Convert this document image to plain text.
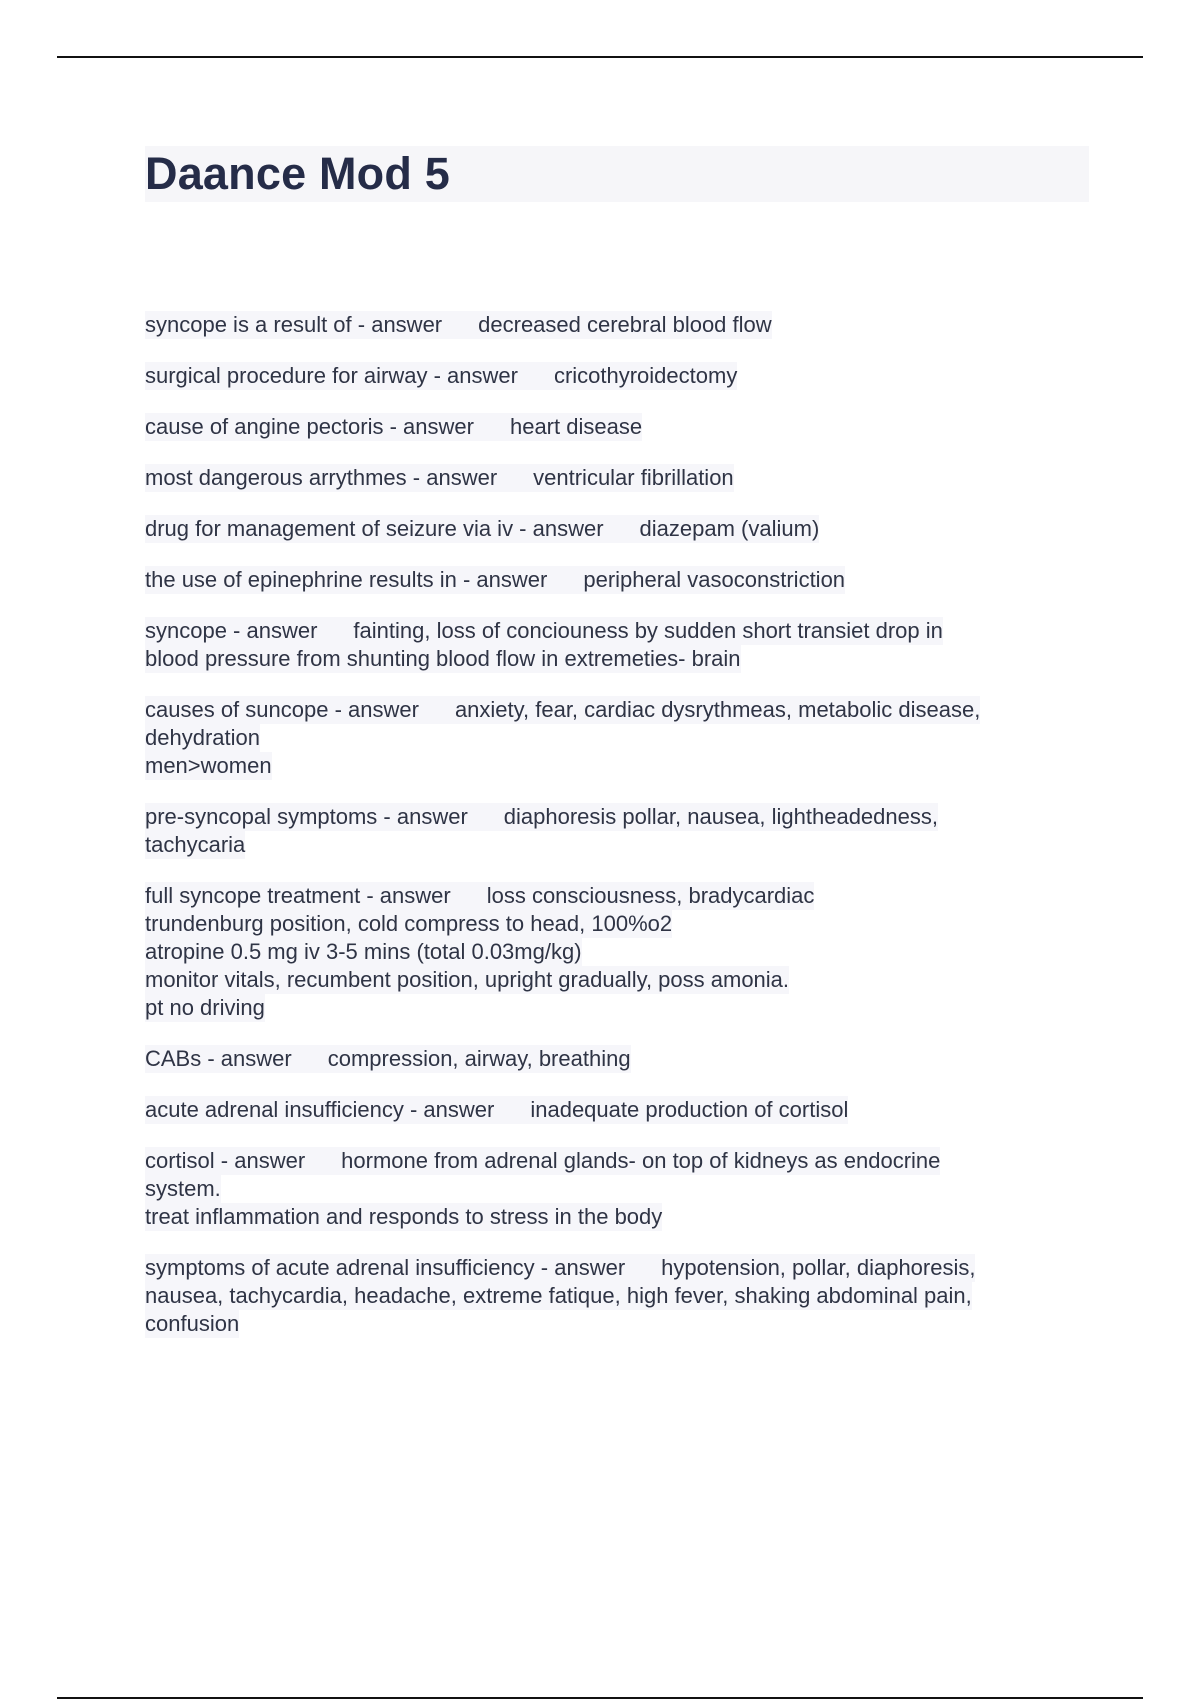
Daance Mod 5
syncope is a result of - answer decreased cerebral blood flow
surgical procedure for airway - answer cricothyroidectomy
cause of angine pectoris - answer heart disease
most dangerous arrythmes - answer ventricular fibrillation
drug for management of seizure via iv - answer diazepam (valium)
the use of epinephrine results in - answer peripheral vasoconstriction
syncope - answer fainting, loss of conciouness by sudden short transiet drop in
blood pressure from shunting blood flow in extremeties- brain
causes of suncope - answer anxiety, fear, cardiac dysrythmeas, metabolic disease,
dehydration
men>women
pre-syncopal symptoms - answer diaphoresis pollar, nausea, lightheadedness,
tachycaria
full syncope treatment - answer loss consciousness, bradycardiac
trundenburg position, cold compress to head, 100%o2
atropine 0.5 mg iv 3-5 mins (total 0.03mg/kg)
monitor vitals, recumbent position, upright gradually, poss amonia.
pt no driving
CABs - answer compression, airway, breathing
acute adrenal insufficiency - answer inadequate production of cortisol
cortisol - answer hormone from adrenal glands- on top of kidneys as endocrine
system.
treat inflammation and responds to stress in the body
symptoms of acute adrenal insufficiency - answer hypotension, pollar, diaphoresis,
nausea, tachycardia, headache, extreme fatique, high fever, shaking abdominal pain,
confusion
